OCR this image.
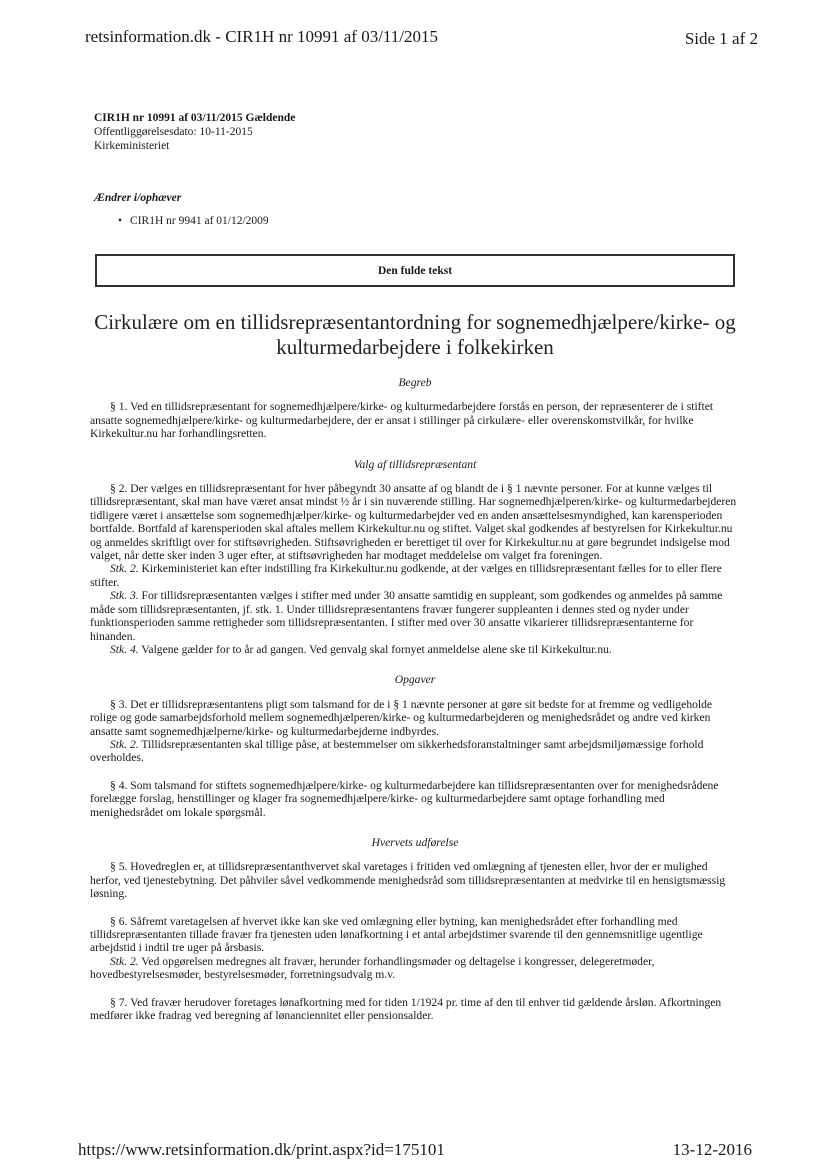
retsinformation.dk - CIR1H nr 10991 af 03/11/2015	Side 1 af 2
CIR1H nr 10991 af 03/11/2015 Gældende
Offentliggørelsesdato: 10-11-2015
Kirkeministeriet
Ændrer i/ophæver
• CIR1H nr 9941 af 01/12/2009
Den fulde tekst
Cirkulære om en tillidsrepræsentantordning for sognemedhjælpere/kirke- og kulturmedarbejdere i folkekirken
Begreb

§ 1. Ved en tillidsrepræsentant for sognemedhjælpere/kirke- og kulturmedarbejdere forstås en person, der repræsenterer de i stiftet ansatte sognemedhjælpere/kirke- og kulturmedarbejdere, der er ansat i stillinger på cirkulære- eller overenskomstvilkår, for hvilke Kirkekultur.nu har forhandlingsretten.

Valg af tillidsrepræsentant

§ 2. Der vælges en tillidsrepræsentant for hver påbegyndt 30 ansatte af og blandt de i § 1 nævnte personer. For at kunne vælges til tillidsrepræsentant, skal man have været ansat mindst ½ år i sin nuværende stilling. Har sognemedhjælperen/kirke- og kulturmedarbejderen tidligere været i ansættelse som sognemedhjælper/kirke- og kulturmedarbejder ved en anden ansættelsesmyndighed, kan karensperioden bortfalde. Bortfald af karensperioden skal aftales mellem Kirkekultur.nu og stiftet. Valget skal godkendes af bestyrelsen for Kirkekultur.nu og anmeldes skriftligt over for stiftsøvrigheden. Stiftsøvrigheden er berettiget til over for Kirkekultur.nu at gøre begrundet indsigelse mod valget, når dette sker inden 3 uger efter, at stiftsøvrigheden har modtaget meddelelse om valget fra foreningen.

Stk. 2. Kirkeministeriet kan efter indstilling fra Kirkekultur.nu godkende, at der vælges en tillidsrepræsentant fælles for to eller flere stifter.

Stk. 3. For tillidsrepræsentanten vælges i stifter med under 30 ansatte samtidig en suppleant, som godkendes og anmeldes på samme måde som tillidsrepræsentanten, jf. stk. 1. Under tillidsrepræsentantens fravær fungerer suppleanten i dennes sted og nyder under funktionsperioden samme rettigheder som tillidsrepræsentanten. I stifter med over 30 ansatte vikarierer tillidsrepræsentanterne for hinanden.

Stk. 4. Valgene gælder for to år ad gangen. Ved genvalg skal fornyet anmeldelse alene ske til Kirkekultur.nu.

Opgaver

§ 3. Det er tillidsrepræsentantens pligt som talsmand for de i § 1 nævnte personer at gøre sit bedste for at fremme og vedligeholde rolige og gode samarbejdsforhold mellem sognemedhjælperen/kirke- og kulturmedarbejderen og menighedsrådet og andre ved kirken ansatte samt sognemedhjælperne/kirke- og kulturmedarbejderne indbyrdes.

Stk. 2. Tillidsrepræsentanten skal tillige påse, at bestemmelser om sikkerhedsforanstaltninger samt arbejdsmiljømæssige forhold overholdes.

§ 4. Som talsmand for stiftets sognemedhjælpere/kirke- og kulturmedarbejdere kan tillidsrepræsentanten over for menighedsrådene forelægge forslag, henstillinger og klager fra sognemedhjælpere/kirke- og kulturmedarbejdere samt optage forhandling med menighedsrådet om lokale spørgsmål.

Hvervets udførelse

§ 5. Hovedreglen er, at tillidsrepræsentanthvervet skal varetages i fritiden ved omlægning af tjenesten eller, hvor der er mulighed herfor, ved tjenestebytning. Det påhviler såvel vedkommende menighedsråd som tillidsrepræsentanten at medvirke til en hensigtsmæssig løsning.

§ 6. Såfremt varetagelsen af hvervet ikke kan ske ved omlægning eller bytning, kan menighedsrådet efter forhandling med tillidsrepræsentanten tillade fravær fra tjenesten uden lønafkortning i et antal arbejdstimer svarende til den gennemsnitlige ugentlige arbejdstid i indtil tre uger på årsbasis.

Stk. 2. Ved opgørelsen medregnes alt fravær, herunder forhandlingsmøder og deltagelse i kongresser, delegeretmøder, hovedbestyrelsesmøder, bestyrelsesmøder, forretningsudvalg m.v.

§ 7. Ved fravær herudover foretages lønafkortning med for tiden 1/1924 pr. time af den til enhver tid gældende årsløn. Afkortningen medfører ikke fradrag ved beregning af lønanciennitet eller pensionsalder.

https://www.retsinformation.dk/print.aspx?id=175101	13-12-2016
